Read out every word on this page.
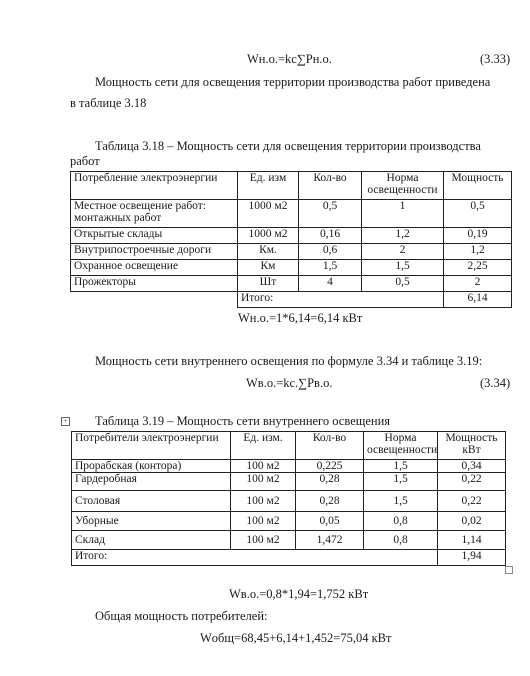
Wн.о.=kс∑Рн.о.	(3.33)
Мощность сети для освещения территории производства работ приведена
в таблице 3.18
Таблица 3.18 – Мощность сети для освещения территории производства
работ
Потребление электроэнергии	Ед. изм	Кол-во	Норма освещенности	Мощность
Местное освещение работ: монтажных работ	1000 м2	0,5	1	0,5
Открытые склады	1000 м2	0,16	1,2	0,19
Внутрипостроечные дороги	Км.	0,6	2	1,2
Охранное освещение	Км	1,5	1,5	2,25
Прожекторы	Шт	4	0,5	2
	Итого:			6,14
Wн.о.=1*6,14=6,14 кВт
Мощность сети внутреннего освещения по формуле 3.34 и таблице 3.19:
Wв.о.=kс.∑Рв.о.	(3.34)
+ Таблица 3.19 – Мощность сети внутреннего освещения
Потребители электроэнергии	Ед. изм.	Кол-во	Норма освещенности	Мощность кВт
Прорабская (контора)	100 м2	0,225	1,5	0,34
Гардеробная	100 м2	0,28	1,5	0,22
Столовая	100 м2	0,28	1,5	0,22
Уборные	100 м2	0,05	0,8	0,02
Склад	100 м2	1,472	0,8	1,14
Итого:				1,94
Wв.о.=0,8*1,94=1,752 кВт
Общая мощность потребителей:
Wобщ=68,45+6,14+1,452=75,04 кВт
